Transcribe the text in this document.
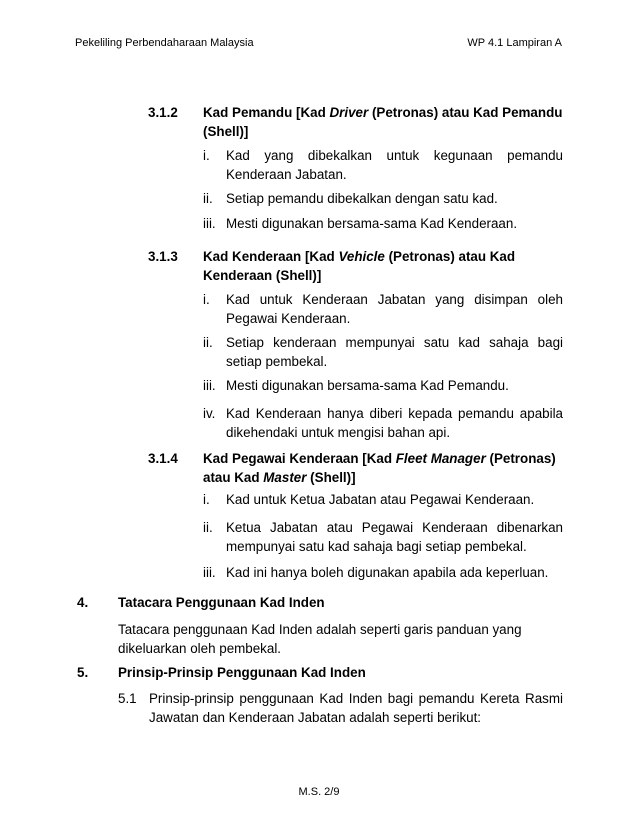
Pekeliling Perbendaharaan Malaysia	WP 4.1 Lampiran A
3.1.2 Kad Pemandu [Kad Driver (Petronas) atau Kad Pemandu (Shell)]
i. Kad yang dibekalkan untuk kegunaan pemandu Kenderaan Jabatan.
ii. Setiap pemandu dibekalkan dengan satu kad.
iii. Mesti digunakan bersama-sama Kad Kenderaan.
3.1.3 Kad Kenderaan [Kad Vehicle (Petronas) atau Kad Kenderaan (Shell)]
i. Kad untuk Kenderaan Jabatan yang disimpan oleh Pegawai Kenderaan.
ii. Setiap kenderaan mempunyai satu kad sahaja bagi setiap pembekal.
iii. Mesti digunakan bersama-sama Kad Pemandu.
iv. Kad Kenderaan hanya diberi kepada pemandu apabila dikehendaki untuk mengisi bahan api.
3.1.4 Kad Pegawai Kenderaan [Kad Fleet Manager (Petronas) atau Kad Master (Shell)]
i. Kad untuk Ketua Jabatan atau Pegawai Kenderaan.
ii. Ketua Jabatan atau Pegawai Kenderaan dibenarkan mempunyai satu kad sahaja bagi setiap pembekal.
iii. Kad ini hanya boleh digunakan apabila ada keperluan.
4. Tatacara Penggunaan Kad Inden
Tatacara penggunaan Kad Inden adalah seperti garis panduan yang dikeluarkan oleh pembekal.
5. Prinsip-Prinsip Penggunaan Kad Inden
5.1 Prinsip-prinsip penggunaan Kad Inden bagi pemandu Kereta Rasmi Jawatan dan Kenderaan Jabatan adalah seperti berikut:
M.S. 2/9
